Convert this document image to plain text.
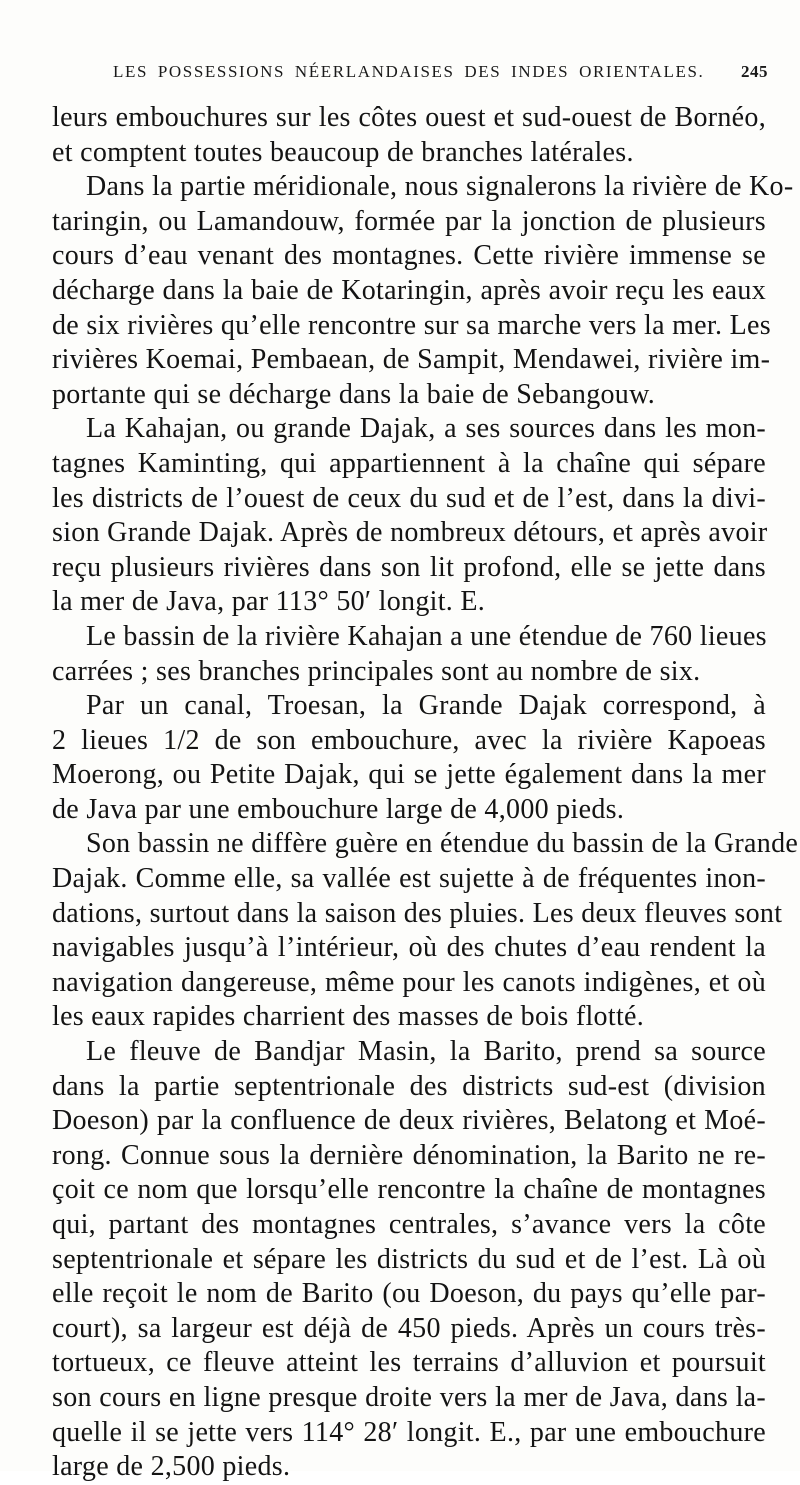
LES POSSESSIONS NÉERLANDAISES DES INDES ORIENTALES. 245
leurs embouchures sur les côtes ouest et sud-ouest de Bornéo,
et comptent toutes beaucoup de branches latérales.
Dans la partie méridionale, nous signalerons la rivière de Ko-
taringin, ou Lamandouw, formée par la jonction de plusieurs
cours d’eau venant des montagnes. Cette rivière immense se
décharge dans la baie de Kotaringin, après avoir reçu les eaux
de six rivières qu’elle rencontre sur sa marche vers la mer. Les
rivières Koemai, Pembaean, de Sampit, Mendawei, rivière im-
portante qui se décharge dans la baie de Sebangouw.
La Kahajan, ou grande Dajak, a ses sources dans les mon-
tagnes Kaminting, qui appartiennent à la chaîne qui sépare
les districts de l’ouest de ceux du sud et de l’est, dans la divi-
sion Grande Dajak. Après de nombreux détours, et après avoir
reçu plusieurs rivières dans son lit profond, elle se jette dans
la mer de Java, par 113° 50′ longit. E.
Le bassin de la rivière Kahajan a une étendue de 760 lieues
carrées ; ses branches principales sont au nombre de six.
Par un canal, Troesan, la Grande Dajak correspond, à
2 lieues 1/2 de son embouchure, avec la rivière Kapoeas
Moerong, ou Petite Dajak, qui se jette également dans la mer
de Java par une embouchure large de 4,000 pieds.
Son bassin ne diffère guère en étendue du bassin de la Grande
Dajak. Comme elle, sa vallée est sujette à de fréquentes inon-
dations, surtout dans la saison des pluies. Les deux fleuves sont
navigables jusqu’à l’intérieur, où des chutes d’eau rendent la
navigation dangereuse, même pour les canots indigènes, et où
les eaux rapides charrient des masses de bois flotté.
Le fleuve de Bandjar Masin, la Barito, prend sa source
dans la partie septentrionale des districts sud-est (division
Doeson) par la confluence de deux rivières, Belatong et Moé-
rong. Connue sous la dernière dénomination, la Barito ne re-
çoit ce nom que lorsqu’elle rencontre la chaîne de montagnes
qui, partant des montagnes centrales, s’avance vers la côte
septentrionale et sépare les districts du sud et de l’est. Là où
elle reçoit le nom de Barito (ou Doeson, du pays qu’elle par-
court), sa largeur est déjà de 450 pieds. Après un cours très-
tortueux, ce fleuve atteint les terrains d’alluvion et poursuit
son cours en ligne presque droite vers la mer de Java, dans la-
quelle il se jette vers 114° 28′ longit. E., par une embouchure
large de 2,500 pieds.
